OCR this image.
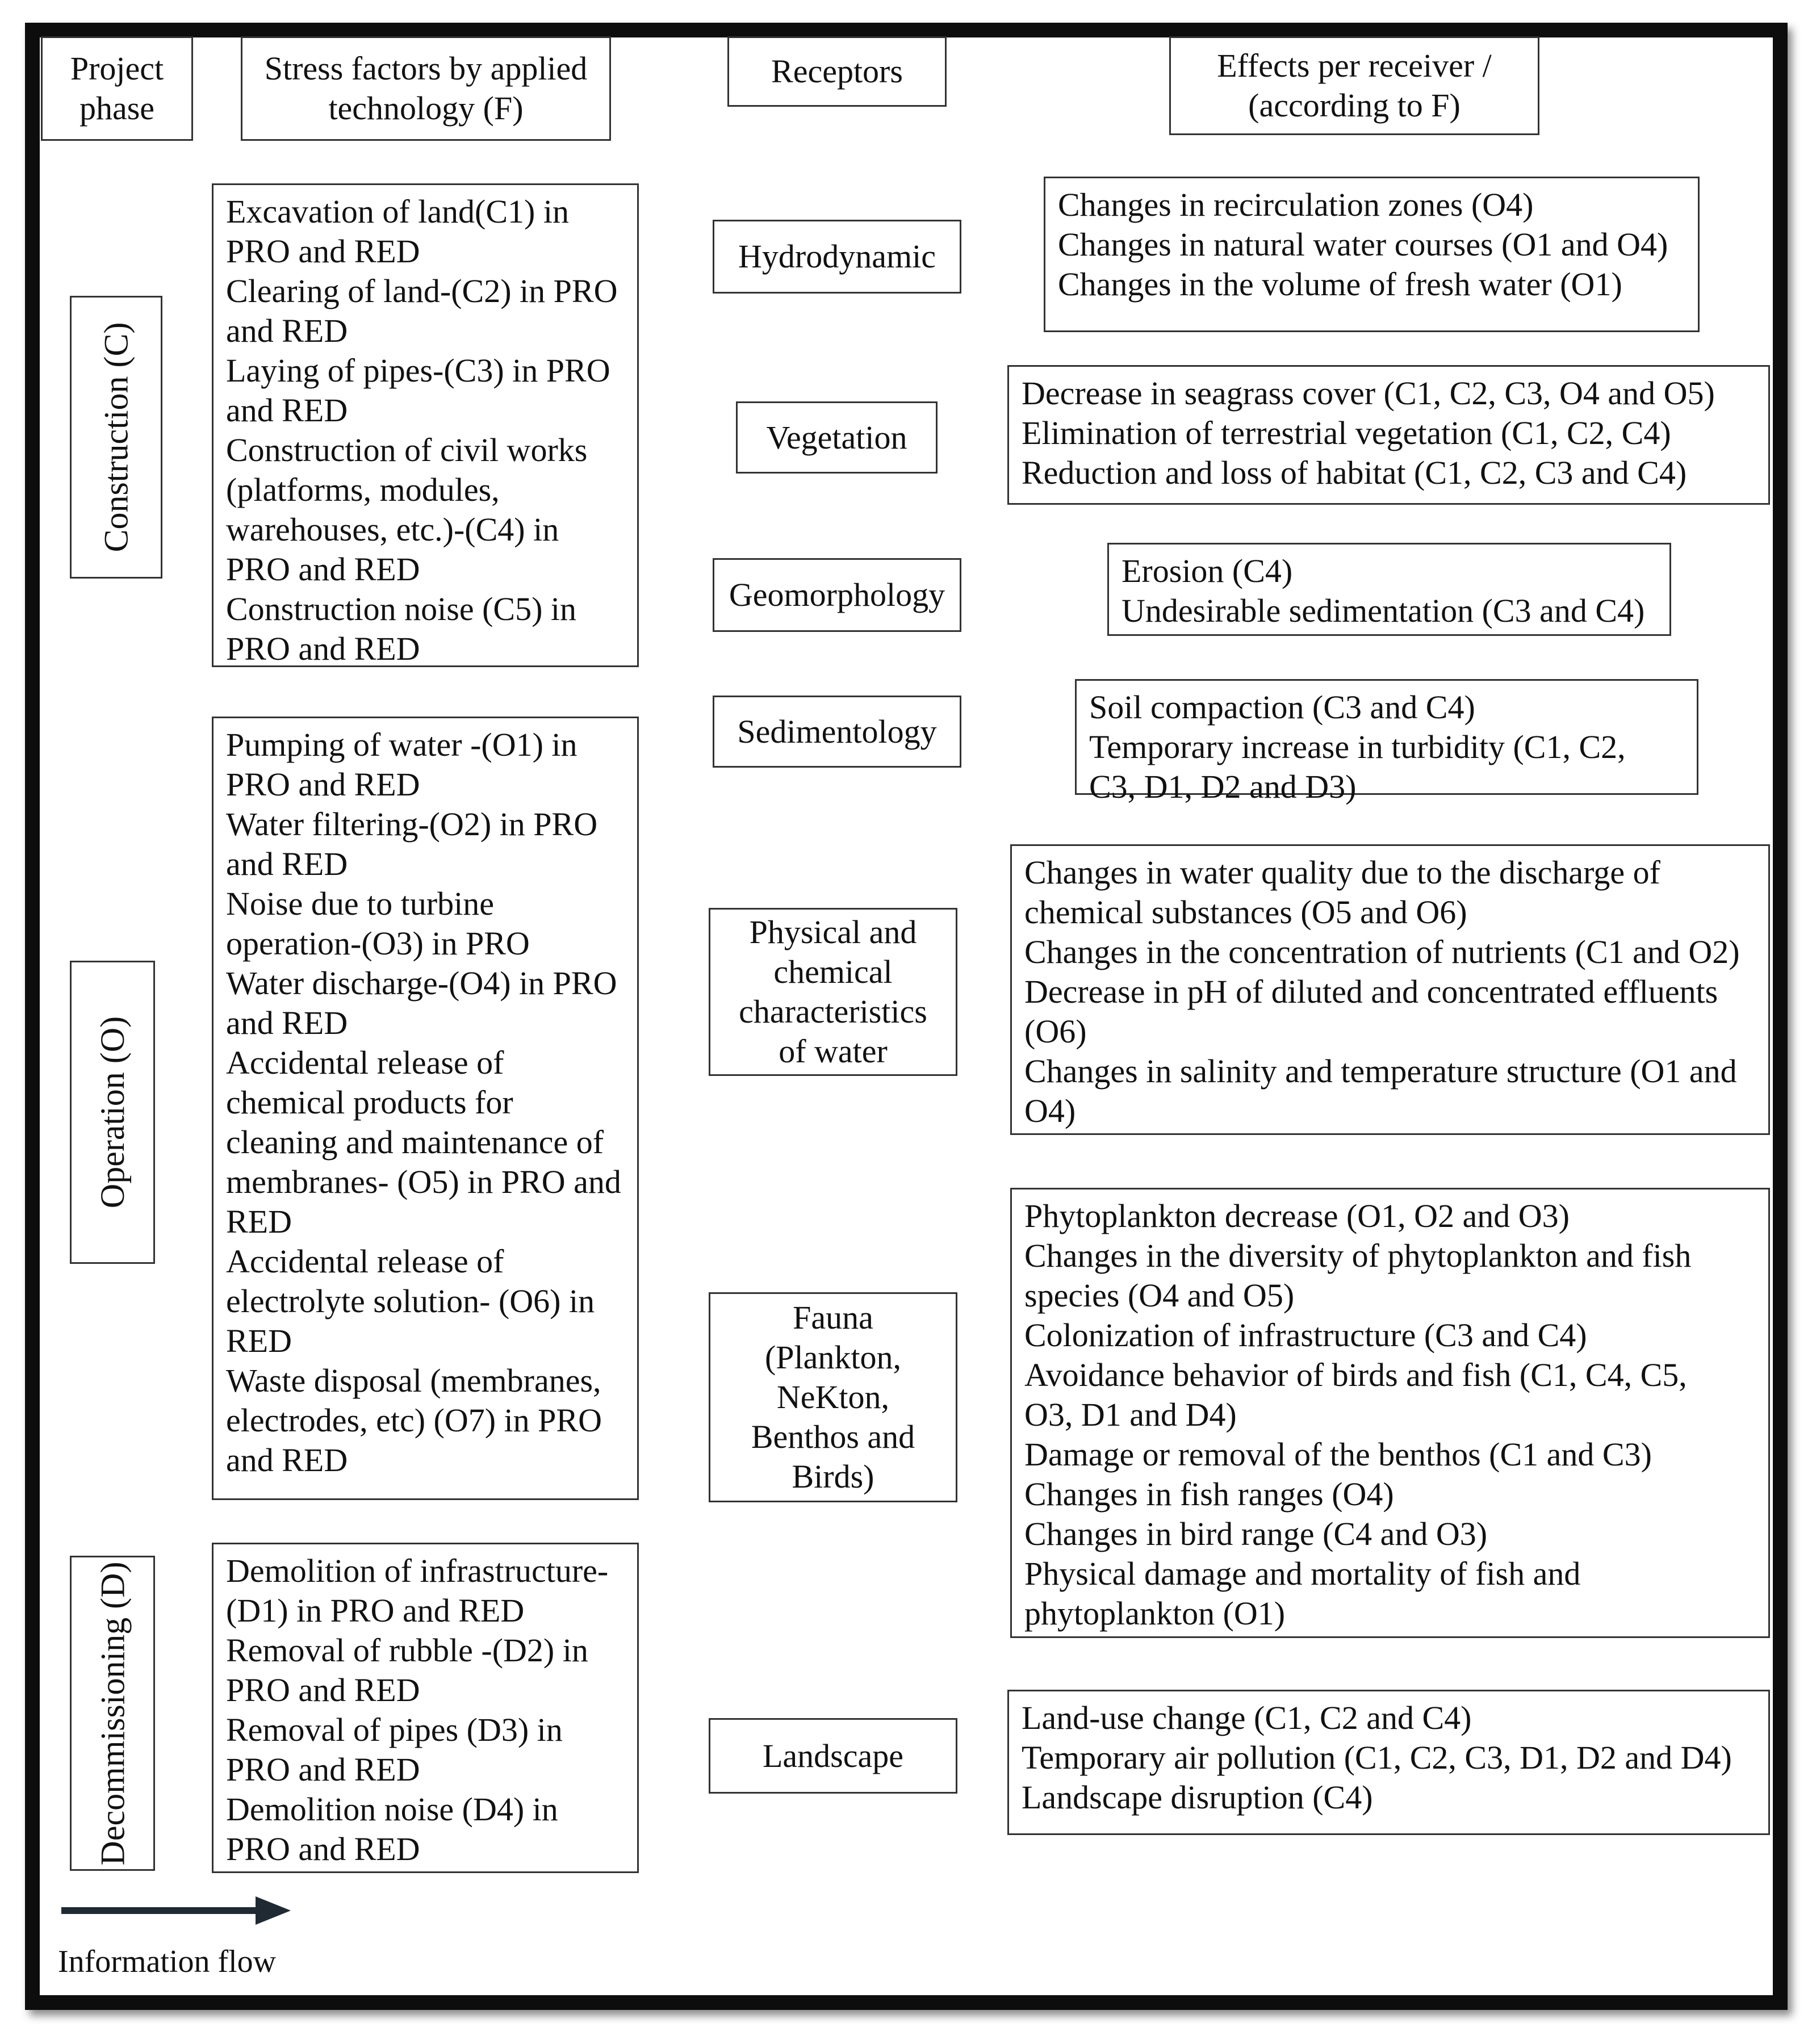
Project
phase
Stress factors by applied
technology (F)
Receptors	Effects per receiver /
(according to F)
Construction (C)
Operation (O)
Decommissioning (D)
Excavation of land(C1) in
PRO and RED
Clearing of land-(C2) in PRO
and RED
Laying of pipes-(C3) in PRO
and RED
Construction of civil works
(platforms, modules,
warehouses, etc.)-(C4) in
PRO and RED
Construction noise (C5) in
PRO and RED
Pumping of water -(O1) in
PRO and RED
Water filtering-(O2) in PRO
and RED
Noise due to turbine
operation-(O3) in PRO
Water discharge-(O4) in PRO
and RED
Accidental release of
chemical products for
cleaning and maintenance of
membranes- (O5) in PRO and
RED
Accidental release of
electrolyte solution- (O6) in
RED
Waste disposal (membranes,
electrodes, etc) (O7) in PRO
and RED
Demolition of infrastructure-
(D1) in PRO and RED
Removal of rubble -(D2) in
PRO and RED
Removal of pipes (D3) in
PRO and RED
Demolition noise (D4) in
PRO and RED
Hydrodynamic
Vegetation
Geomorphology
Sedimentology
Physical and
chemical
characteristics
of water
Fauna
(Plankton,
NeKton,
Benthos and
Birds)
Landscape
Changes in recirculation zones (O4)
Changes in natural water courses (O1 and O4)
Changes in the volume of fresh water (O1)
Decrease in seagrass cover (C1, C2, C3, O4 and O5)
Elimination of terrestrial vegetation (C1, C2, C4)
Reduction and loss of habitat (C1, C2, C3 and C4)
Erosion (C4)
Undesirable sedimentation (C3 and C4)
Soil compaction (C3 and C4)
Temporary increase in turbidity (C1, C2,
C3, D1, D2 and D3)
Changes in water quality due to the discharge of
chemical substances (O5 and O6)
Changes in the concentration of nutrients (C1 and O2)
Decrease in pH of diluted and concentrated effluents
(O6)
Changes in salinity and temperature structure (O1 and
O4)
Phytoplankton decrease (O1, O2 and O3)
Changes in the diversity of phytoplankton and fish
species (O4 and O5)
Colonization of infrastructure (C3 and C4)
Avoidance behavior of birds and fish (C1, C4, C5,
O3, D1 and D4)
Damage or removal of the benthos (C1 and C3)
Changes in fish ranges (O4)
Changes in bird range (C4 and O3)
Physical damage and mortality of fish and
phytoplankton (O1)
Land-use change (C1, C2 and C4)
Temporary air pollution (C1, C2, C3, D1, D2 and D4)
Landscape disruption (C4)
Information flow
